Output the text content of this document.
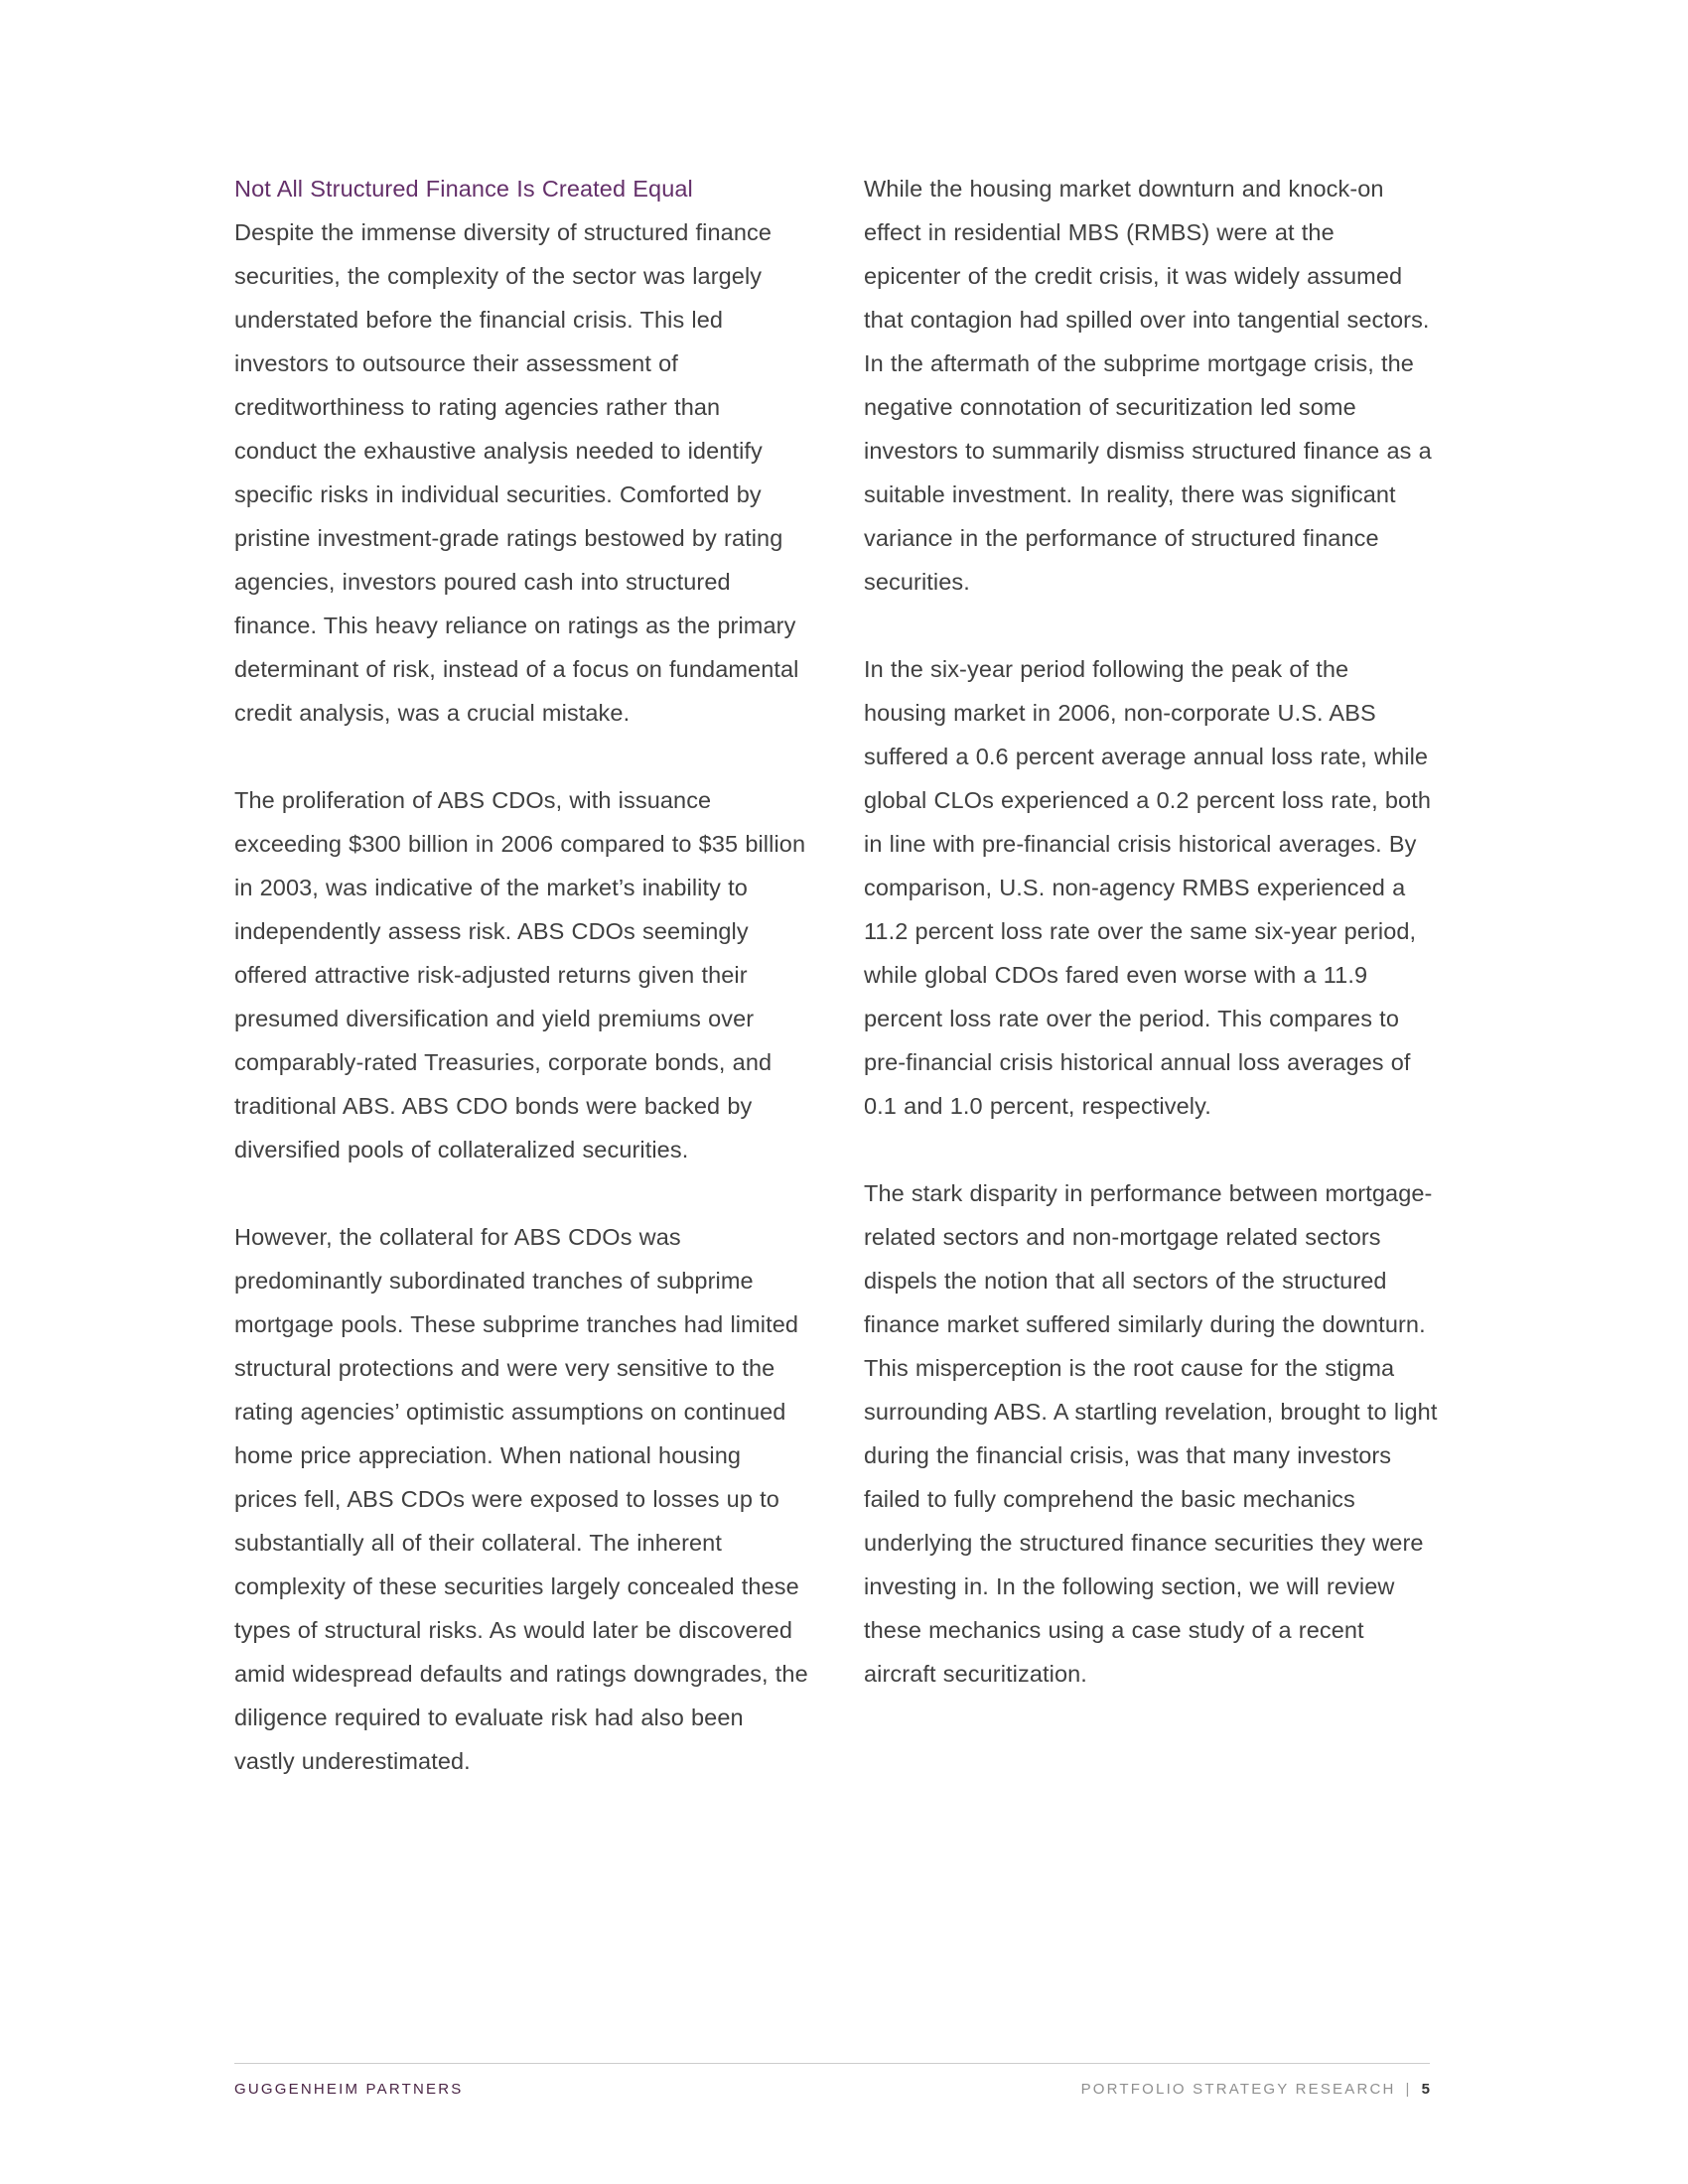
Not All Structured Finance Is Created Equal

Despite the immense diversity of structured finance securities, the complexity of the sector was largely understated before the financial crisis. This led investors to outsource their assessment of creditworthiness to rating agencies rather than conduct the exhaustive analysis needed to identify specific risks in individual securities. Comforted by pristine investment-grade ratings bestowed by rating agencies, investors poured cash into structured finance. This heavy reliance on ratings as the primary determinant of risk, instead of a focus on fundamental credit analysis, was a crucial mistake.

The proliferation of ABS CDOs, with issuance exceeding $300 billion in 2006 compared to $35 billion in 2003, was indicative of the market’s inability to independently assess risk. ABS CDOs seemingly offered attractive risk-adjusted returns given their presumed diversification and yield premiums over comparably-rated Treasuries, corporate bonds, and traditional ABS. ABS CDO bonds were backed by diversified pools of collateralized securities.

However, the collateral for ABS CDOs was predominantly subordinated tranches of subprime mortgage pools. These subprime tranches had limited structural protections and were very sensitive to the rating agencies’ optimistic assumptions on continued home price appreciation. When national housing prices fell, ABS CDOs were exposed to losses up to substantially all of their collateral. The inherent complexity of these securities largely concealed these types of structural risks. As would later be discovered amid widespread defaults and ratings downgrades, the diligence required to evaluate risk had also been vastly underestimated.

While the housing market downturn and knock-on effect in residential MBS (RMBS) were at the epicenter of the credit crisis, it was widely assumed that contagion had spilled over into tangential sectors. In the aftermath of the subprime mortgage crisis, the negative connotation of securitization led some investors to summarily dismiss structured finance as a suitable investment. In reality, there was significant variance in the performance of structured finance securities.

In the six-year period following the peak of the housing market in 2006, non-corporate U.S. ABS suffered a 0.6 percent average annual loss rate, while global CLOs experienced a 0.2 percent loss rate, both in line with pre-financial crisis historical averages. By comparison, U.S. non-agency RMBS experienced a 11.2 percent loss rate over the same six-year period, while global CDOs fared even worse with a 11.9 percent loss rate over the period. This compares to pre-financial crisis historical annual loss averages of 0.1 and 1.0 percent, respectively.

The stark disparity in performance between mortgage-related sectors and non-mortgage related sectors dispels the notion that all sectors of the structured finance market suffered similarly during the downturn. This misperception is the root cause for the stigma surrounding ABS. A startling revelation, brought to light during the financial crisis, was that many investors failed to fully comprehend the basic mechanics underlying the structured finance securities they were investing in. In the following section, we will review these mechanics using a case study of a recent aircraft securitization.

GUGGENHEIM PARTNERS	PORTFOLIO STRATEGY RESEARCH | 5
